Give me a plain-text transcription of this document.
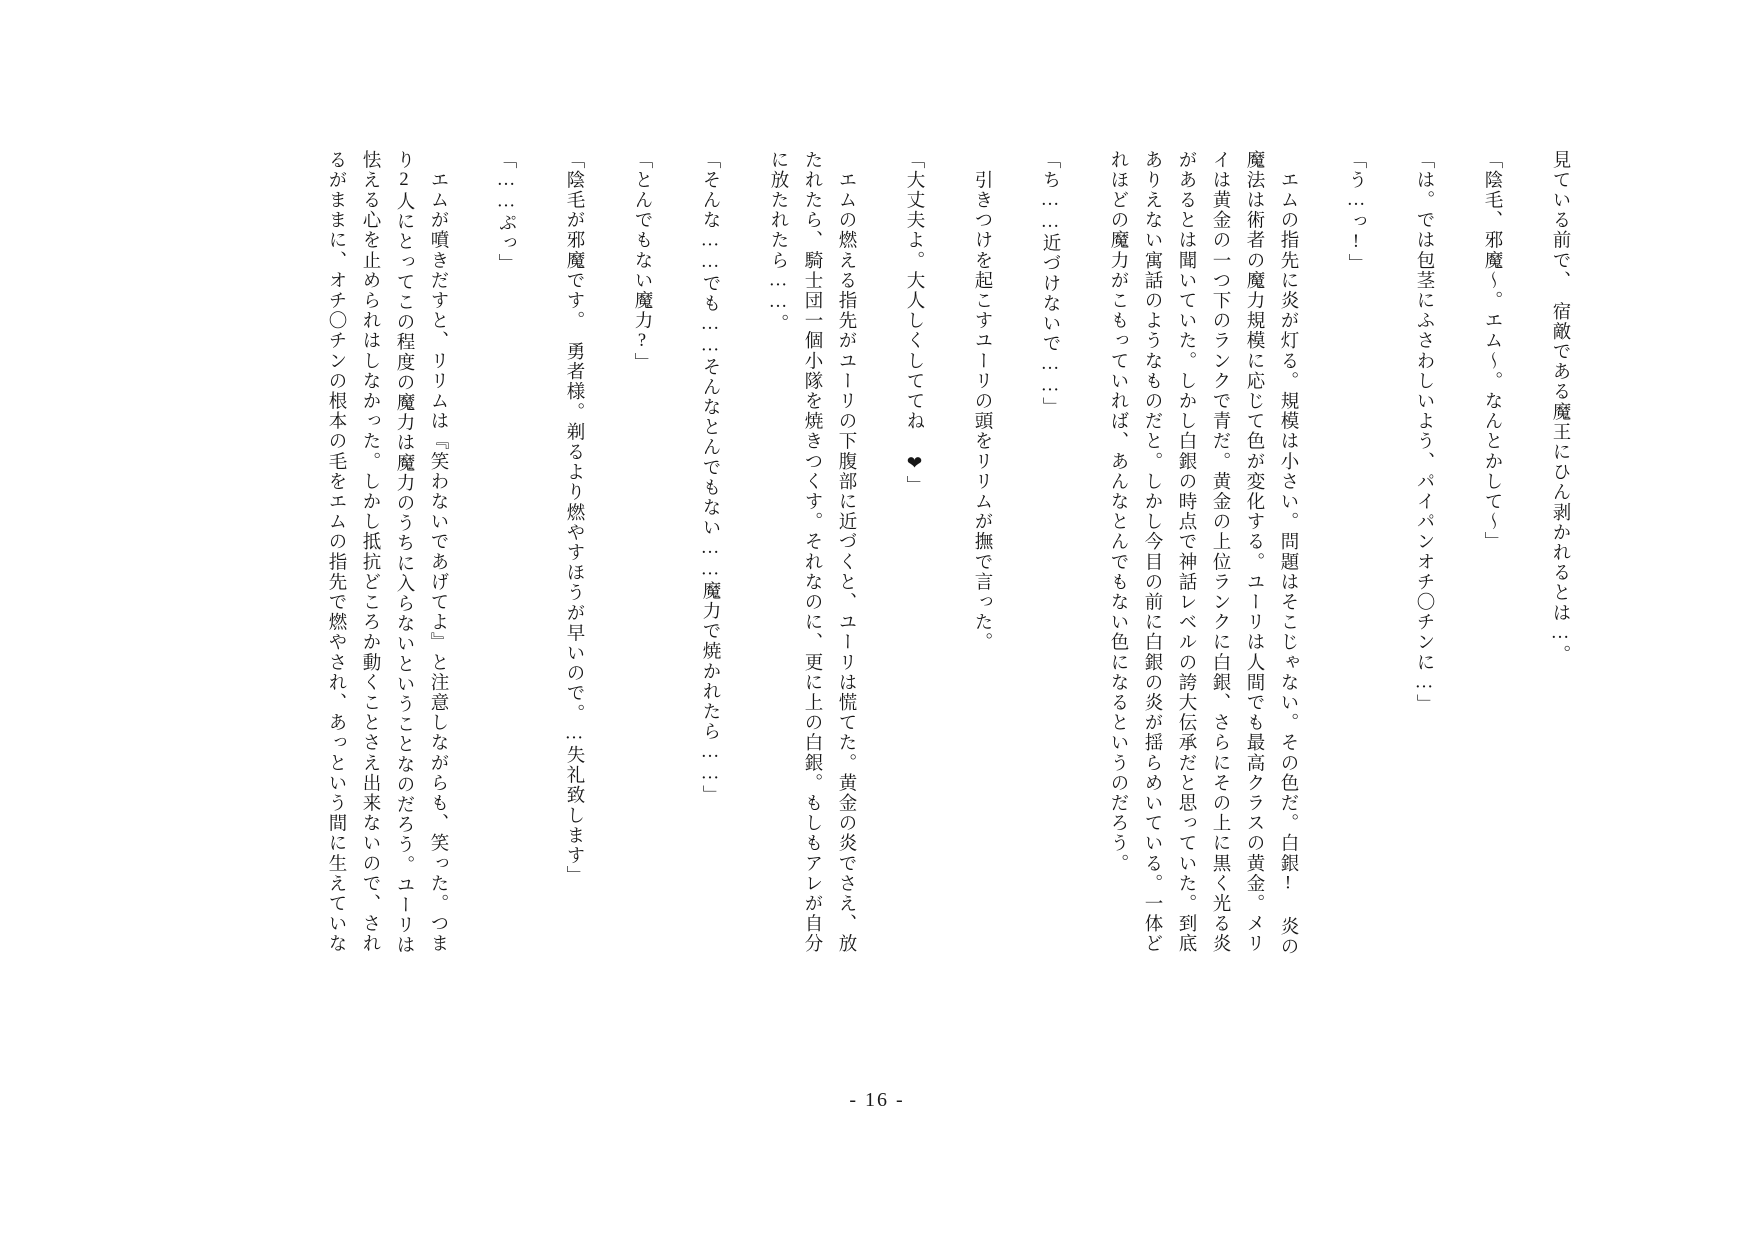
見ている前で、　宿敵である魔王にひん剥かれるとは…。
「陰毛、邪魔〜。エム〜。なんとかして〜」
「は。では包茎にふさわしいよう、パイパンオチ〇チンに…」
「う…っ!」
　エムの指先に炎が灯る。規模は小さい。問題はそこじゃない。その色だ。白銀! 炎の
魔法は術者の魔力規模に応じて色が変化する。ユーリは人間でも最高クラスの黄金。メリ
イは黄金の一つ下のランクで青だ。黄金の上位ランクに白銀、さらにその上に黒く光る炎
があるとは聞いていた。しかし白銀の時点で神話レベルの誇大伝承だと思っていた。到底
ありえない寓話のようなものだと。しかし今目の前に白銀の炎が揺らめいている。一体ど
れほどの魔力がこもっていれば、あんなとんでもない色になるというのだろう。
「ち……近づけないで……」
　引きつけを起こすユーリの頭をリリムが撫で言った。
「大丈夫よ。大人しくしててね ❤」
　エムの燃える指先がユーリの下腹部に近づくと、ユーリは慌てた。黄金の炎でさえ、放
たれたら、騎士団一個小隊を焼きつくす。それなのに、更に上の白銀。もしもアレが自分
に放たれたら……。
「そんな……でも……そんなとんでもない……魔力で焼かれたら……」
「とんでもない魔力?」
「陰毛が邪魔です。　勇者様。剃るより燃やすほうが早いので。…失礼致します」
「……ぷっ」
　エムが噴きだすと、リリムは『笑わないであげてよ』と注意しながらも、笑った。つま
り2人にとってこの程度の魔力は魔力のうちに入らないということなのだろう。ユーリは
怯える心を止められはしなかった。しかし抵抗どころか動くことさえ出来ないので、され
るがままに、オチ〇チンの根本の毛をエムの指先で燃やされ、あっという間に生えていな
- 16 -
